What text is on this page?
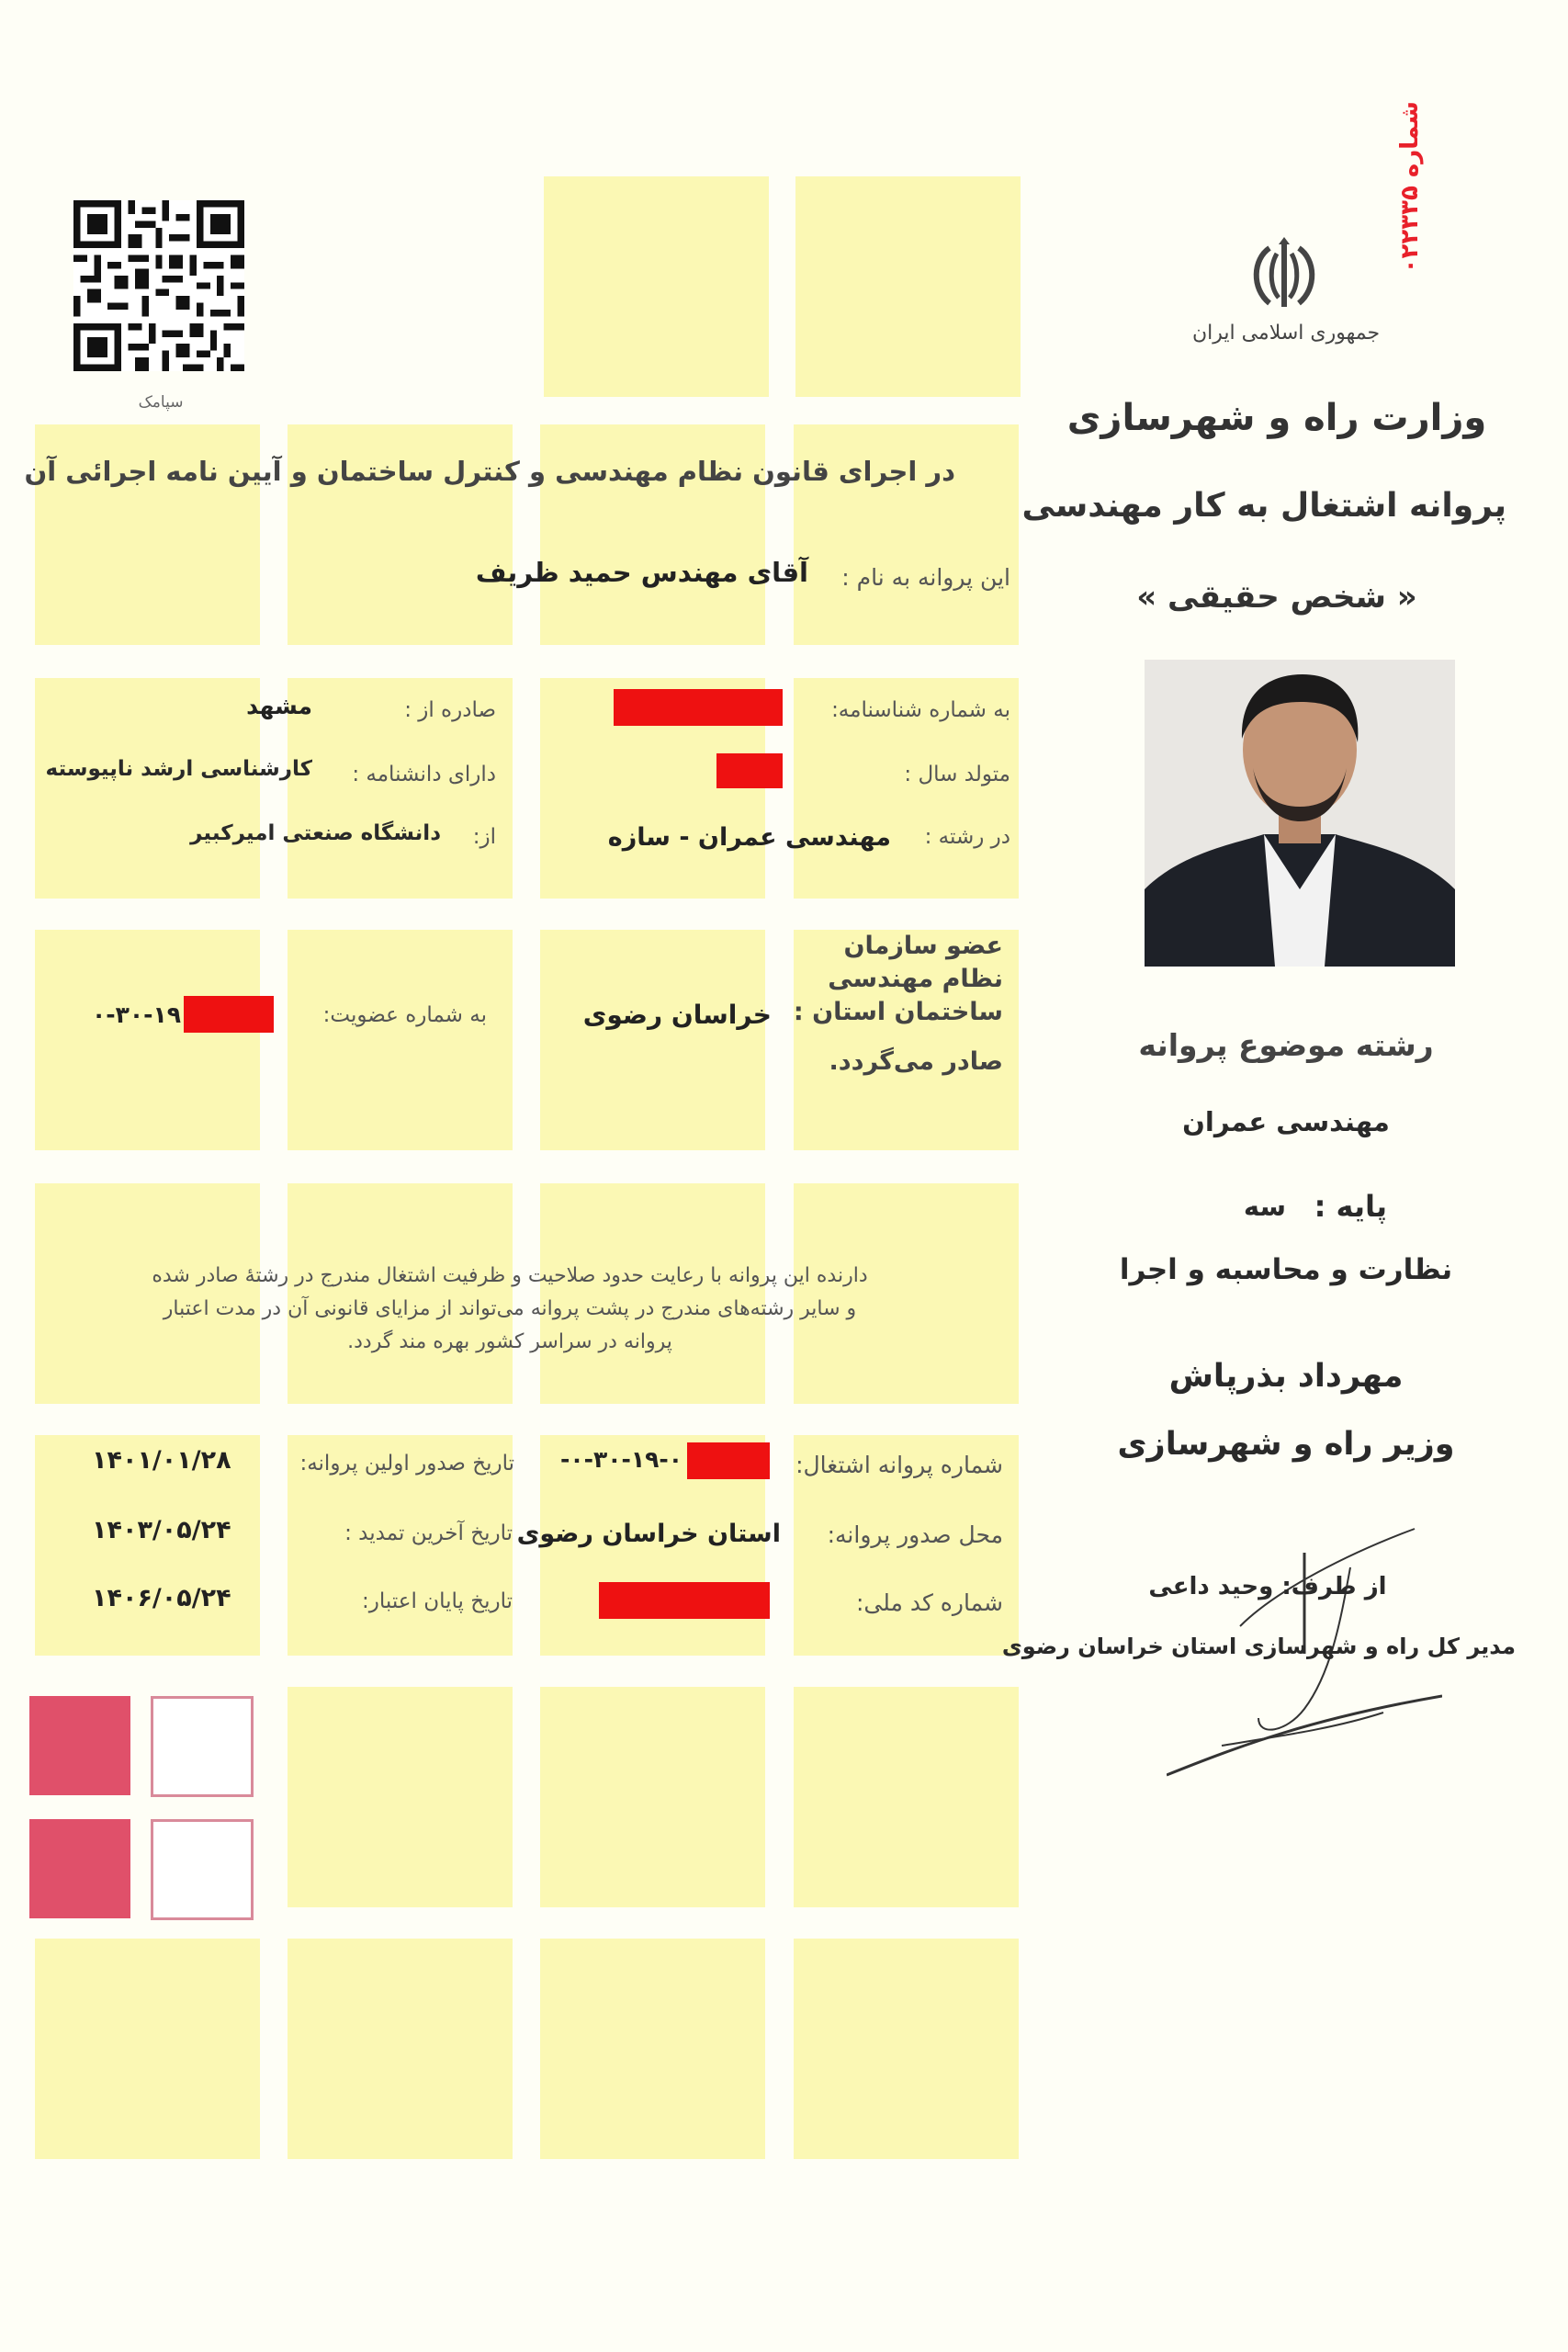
سپامک
شماره ۰۲۲۳۳۵
جمهوری اسلامی ایران
وزارت راه و شهرسازی
پروانه اشتغال به کار مهندسی
« شخص حقیقی »
در اجرای قانون نظام مهندسی و کنترل ساختمان و آیین نامه اجرائی آن
این پروانه به نام :
آقای مهندس حمید ظریف
به شماره شناسنامه:
صادره از :
مشهد
متولد سال :
دارای دانشنامه :
کارشناسی ارشد ناپیوسته
در رشته :
مهندسی عمران - سازه
از:
دانشگاه صنعتی امیرکبیر
عضو سازمان
نظام مهندسی
ساختمان استان :
خراسان رضوی
به شماره عضویت:
۰-۳۰-۱۹
صادر می‌گردد.
دارنده این پروانه با رعایت حدود صلاحیت و ظرفیت اشتغال مندرج در رشتهٔ صادر شده
و سایر رشته‌های مندرج در پشت پروانه می‌تواند از مزایای قانونی آن در مدت اعتبار
پروانه در سراسر کشور بهره مند گردد.
شماره پروانه اشتغال:
-۰-۳۰-۱۹-۰
تاریخ صدور اولین پروانه:
۱۴۰۱/۰۱/۲۸
محل صدور پروانه:
استان خراسان رضوی
تاریخ آخرین تمدید :
۱۴۰۳/۰۵/۲۴
شماره کد ملی:
تاریخ پایان اعتبار:
۱۴۰۶/۰۵/۲۴
رشته موضوع پروانه
مهندسی عمران
پایه :
سه
نظارت و محاسبه و اجرا
مهرداد بذرپاش
وزیر راه و شهرسازی
از طرف: وحید داعی
مدیر کل راه و شهرسازی استان خراسان رضوی
